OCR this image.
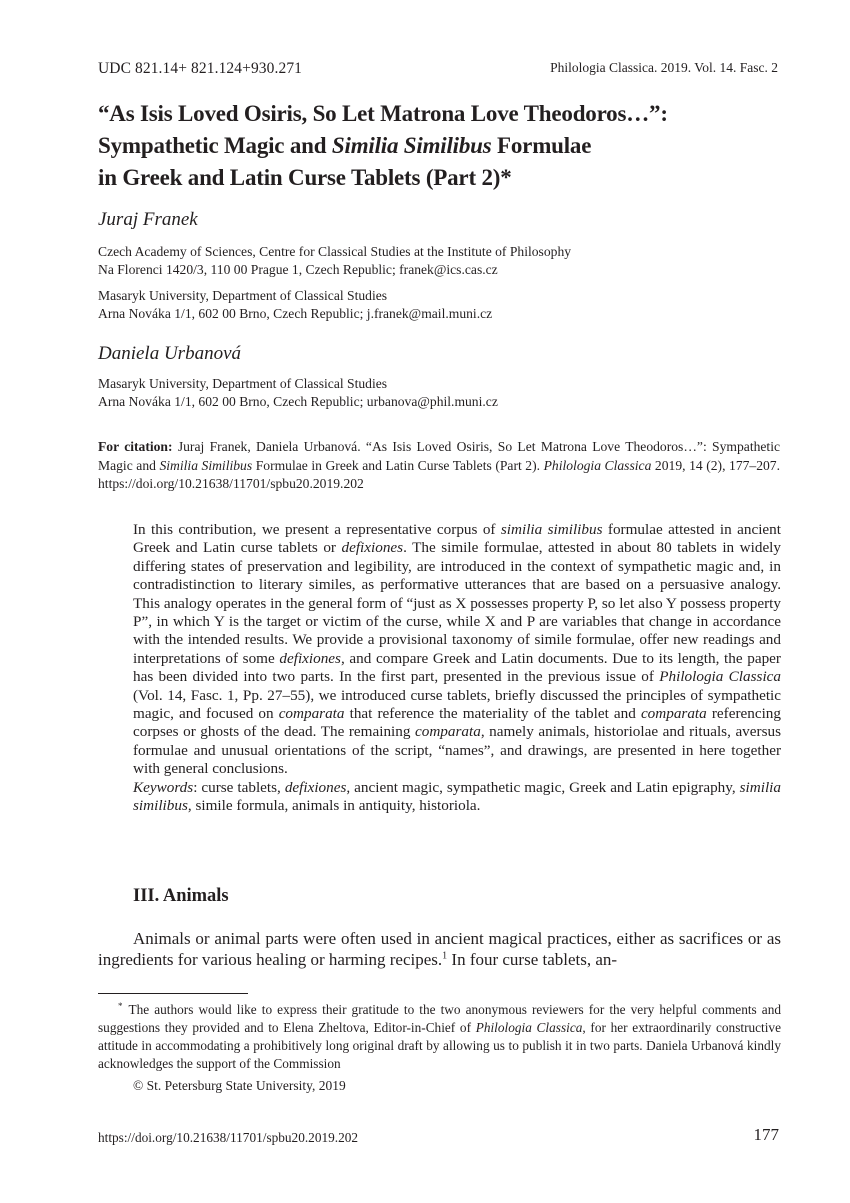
UDC 821.14+ 821.124+930.271	Philologia Classica. 2019. Vol. 14. Fasc. 2
“As Isis Loved Osiris, So Let Matrona Love Theodoros…”:
Sympathetic Magic and Similia Similibus Formulae
in Greek and Latin Curse Tablets (Part 2)*
Juraj Franek
Czech Academy of Sciences, Centre for Classical Studies at the Institute of Philosophy
Na Florenci 1420/3, 110 00 Prague 1, Czech Republic; franek@ics.cas.cz
Masaryk University, Department of Classical Studies
Arna Nováka 1/1, 602 00 Brno, Czech Republic; j.franek@mail.muni.cz
Daniela Urbanová
Masaryk University, Department of Classical Studies
Arna Nováka 1/1, 602 00 Brno, Czech Republic; urbanova@phil.muni.cz
For citation: Juraj Franek, Daniela Urbanová. “As Isis Loved Osiris, So Let Matrona Love Theodoros…”: Sympathetic Magic and Similia Similibus Formulae in Greek and Latin Curse Tablets (Part 2). Philologia Classica 2019, 14 (2), 177–207. https://doi.org/10.21638/11701/spbu20.2019.202

In this contribution, we present a representative corpus of similia similibus formulae attested in ancient Greek and Latin curse tablets or defixiones. The simile formulae, attested in about 80 tablets in widely differing states of preservation and legibility, are introduced in the context of sympathetic magic and, in contradistinction to literary similes, as performative utterances that are based on a persuasive analogy. This analogy operates in the general form of “just as X possesses property P, so let also Y possess property P”, in which Y is the target or victim of the curse, while X and P are variables that change in accordance with the intended results. We provide a provisional taxonomy of simile formulae, offer new readings and interpretations of some defixiones, and compare Greek and Latin documents. Due to its length, the paper has been divided into two parts. In the first part, presented in the previous issue of Philologia Classica (Vol. 14, Fasc. 1, Pp. 27–55), we introduced curse tablets, briefly discussed the principles of sympathetic magic, and focused on comparata that reference the materiality of the tablet and comparata referencing corpses or ghosts of the dead. The remaining comparata, namely animals, historiolae and rituals, aversus formulae and unusual orientations of the script, “names”, and drawings, are presented in here together with general conclusions.

Keywords: curse tablets, defixiones, ancient magic, sympathetic magic, Greek and Latin epigraphy, similia similibus, simile formula, animals in antiquity, historiola.

III. Animals
Animals or animal parts were often used in ancient magical practices, either as sacrifices or as ingredients for various healing or harming recipes.$^1$ In four curse tablets, an-
* The authors would like to express their gratitude to the two anonymous reviewers for the very helpful comments and suggestions they provided and to Elena Zheltova, Editor-in-Chief of Philologia Classica, for her extraordinarily constructive attitude in accommodating a prohibitively long original draft by allowing us to publish it in two parts. Daniela Urbanová kindly acknowledges the support of the Commission
© St. Petersburg State University, 2019
https://doi.org/10.21638/11701/spbu20.2019.202	177
